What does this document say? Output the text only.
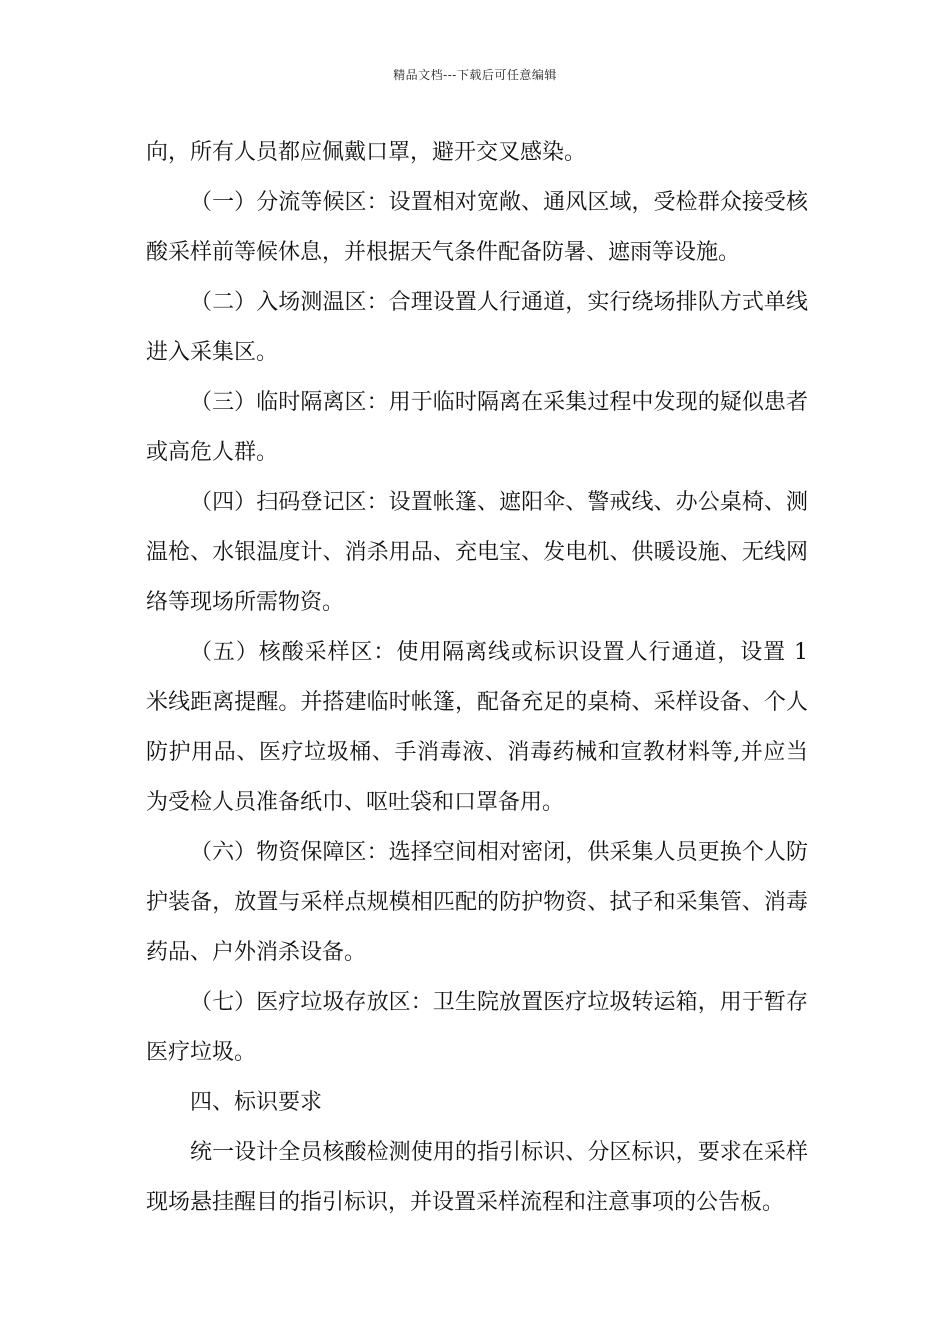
精品文档---下载后可任意编辑

向，所有人员都应佩戴口罩，避开交叉感染。

（一）分流等候区：设置相对宽敞、通风区域，受检群众接受核酸采样前等候休息，并根据天气条件配备防暑、遮雨等设施。

（二）入场测温区：合理设置人行通道，实行绕场排队方式单线进入采集区。

（三）临时隔离区：用于临时隔离在采集过程中发现的疑似患者或高危人群。

（四）扫码登记区：设置帐篷、遮阳伞、警戒线、办公桌椅、测温枪、水银温度计、消杀用品、充电宝、发电机、供暖设施、无线网络等现场所需物资。

（五）核酸采样区：使用隔离线或标识设置人行通道，设置 1 米线距离提醒。并搭建临时帐篷，配备充足的桌椅、采样设备、个人防护用品、医疗垃圾桶、手消毒液、消毒药械和宣教材料等,并应当为受检人员准备纸巾、呕吐袋和口罩备用。

（六）物资保障区：选择空间相对密闭，供采集人员更换个人防护装备，放置与采样点规模相匹配的防护物资、拭子和采集管、消毒药品、户外消杀设备。

（七）医疗垃圾存放区：卫生院放置医疗垃圾转运箱，用于暂存医疗垃圾。

四、标识要求

统一设计全员核酸检测使用的指引标识、分区标识，要求在采样现场悬挂醒目的指引标识，并设置采样流程和注意事项的公告板。
